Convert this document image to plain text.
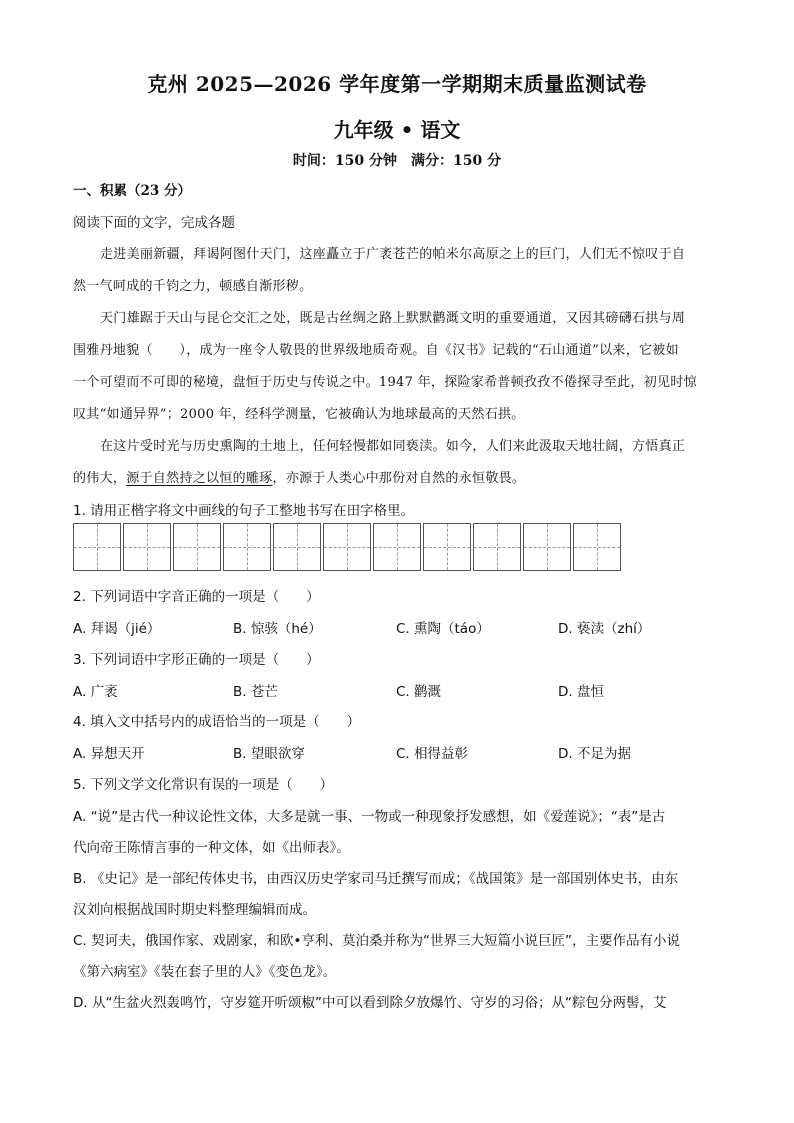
克州 2025—2026 学年度第一学期期末质量监测试卷
九年级 • 语文
时间：150 分钟　满分：150 分
一、积累（23 分）
阅读下面的文字，完成各题
走进美丽新疆，拜谒阿图什天门，这座矗立于广袤苍芒的帕米尔高原之上的巨门，人们无不惊叹于自
然一气呵成的千钧之力，顿感自渐形秽。
天门雄踞于天山与昆仑交汇之处，既是古丝绸之路上默默鹳溉文明的重要通道，又因其磅礴石拱与周
围雅丹地貌（　　），成为一座令人敬畏的世界级地质奇观。自《汉书》记载的“石山通道”以来，它被如
一个可望而不可即的秘境，盘恒于历史与传说之中。1947 年，探险家希普顿孜孜不倦探寻至此，初见时惊
叹其“如通异界”；2000 年，经科学测量，它被确认为地球最高的天然石拱。
在这片受时光与历史熏陶的土地上，任何轻慢都如同亵渎。如今，人们来此汲取天地壮阔，方悟真正
的伟大，源于自然持之以恒的雕琢，亦源于人类心中那份对自然的永恒敬畏。
1. 请用正楷字将文中画线的句子工整地书写在田字格里。
2. 下列词语中字音正确的一项是（　　）
A. 拜谒（jié）	B. 惊骇（hé）	C. 熏陶（táo）	D. 亵渎（zhí）
3. 下列词语中字形正确的一项是（　　）
A. 广袤	B. 苍芒	C. 鹳溉	D. 盘恒
4. 填入文中括号内的成语恰当的一项是（　　）
A. 异想天开	B. 望眼欲穿	C. 相得益彰	D. 不足为据
5. 下列文学文化常识有误的一项是（　　）
A. “说”是古代一种议论性文体，大多是就一事、一物或一种现象抒发感想，如《爱莲说》；“表”是古
代向帝王陈情言事的一种文体，如《出师表》。
B. 《史记》是一部纪传体史书，由西汉历史学家司马迁撰写而成；《战国策》是一部国别体史书，由东
汉刘向根据战国时期史料整理编辑而成。
C. 契诃夫，俄国作家、戏剧家，和欧•亨利、莫泊桑并称为“世界三大短篇小说巨匠”，主要作品有小说
《第六病室》《装在套子里的人》《变色龙》。
D. 从“生盆火烈轰鸣竹，守岁筵开听颂椒”中可以看到除夕放爆竹、守岁的习俗；从“粽包分两髻，艾
